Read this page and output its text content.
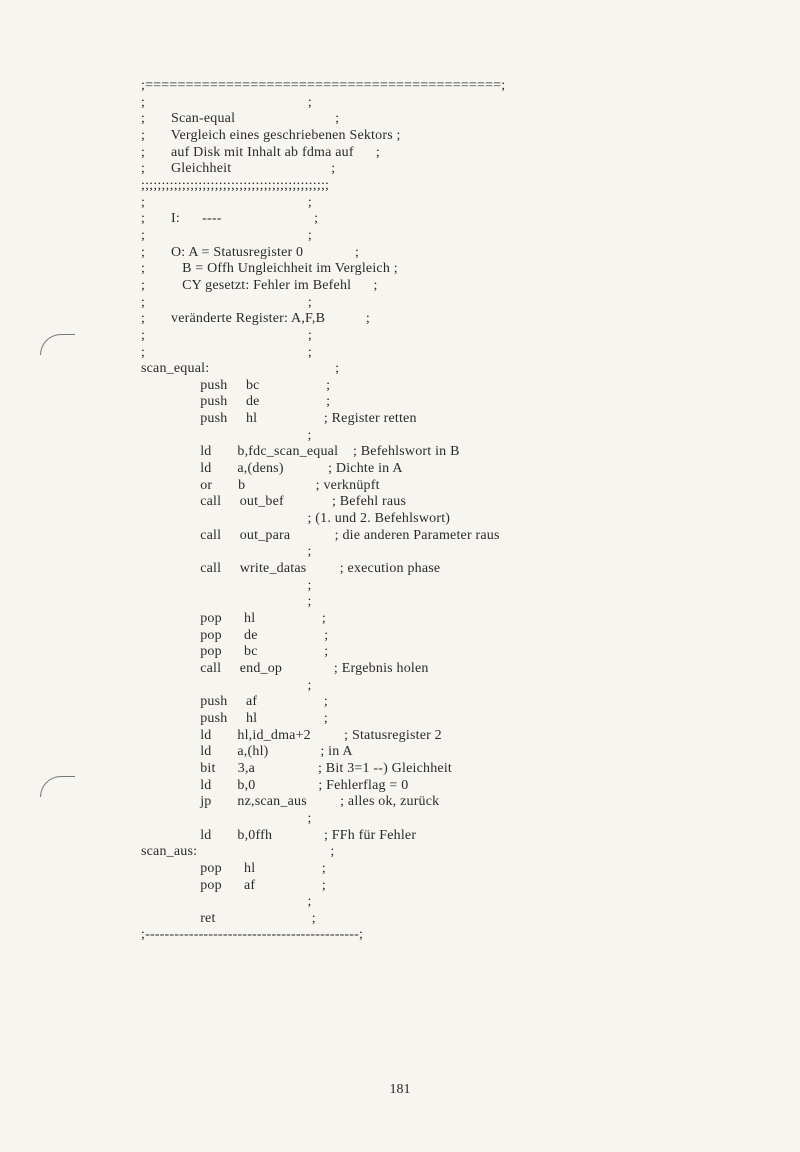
;============================================;
;                                            ;
;       Scan-equal                           ;
;       Vergleich eines geschriebenen Sektors ;
;       auf Disk mit Inhalt ab fdma auf      ;
;       Gleichheit                           ;
;;;;;;;;;;;;;;;;;;;;;;;;;;;;;;;;;;;;;;;;;;;;;;
;                                            ;
;       I:      ----                         ;
;                                            ;
;       O: A = Statusregister 0              ;
;          B = Offh Ungleichheit im Vergleich ;
;          CY gesetzt: Fehler im Befehl      ;
;                                            ;
;       veränderte Register: A,F,B           ;
;                                            ;
;                                            ;
scan_equal:                                  ;
push     bc                  ;
push     de                  ;
push     hl                  ; Register retten
;
ld       b,fdc_scan_equal    ; Befehlswort in B
ld       a,(dens)            ; Dichte in A
or       b                   ; verknüpft
call     out_bef             ; Befehl raus
; (1. und 2. Befehlswort)
call     out_para            ; die anderen Parameter raus
;
call     write_datas         ; execution phase
;
;
pop      hl                  ;
pop      de                  ;
pop      bc                  ;
call     end_op              ; Ergebnis holen
;
push     af                  ;
push     hl                  ;
ld       hl,id_dma+2         ; Statusregister 2
ld       a,(hl)              ; in A
bit      3,a                 ; Bit 3=1 --) Gleichheit
ld       b,0                 ; Fehlerflag = 0
jp       nz,scan_aus         ; alles ok, zurück
;
ld       b,0ffh              ; FFh für Fehler
scan_aus:                                    ;
pop      hl                  ;
pop      af                  ;
;
ret                          ;
;--------------------------------------------;

181
